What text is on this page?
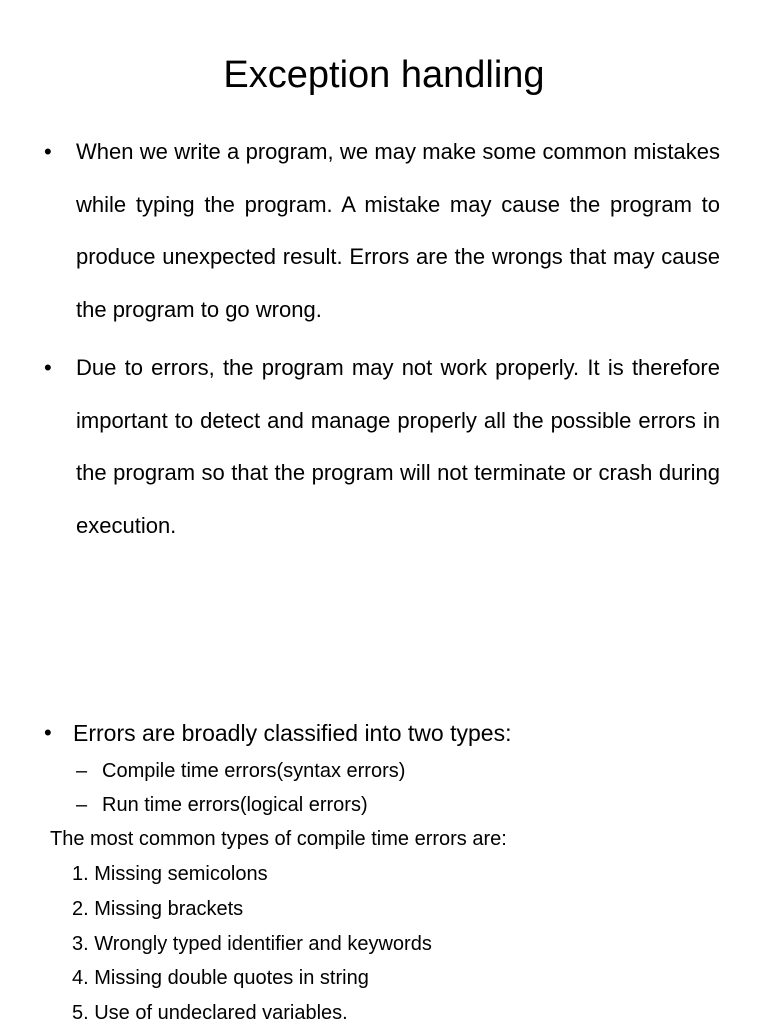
Exception handling
• When we write a program, we may make some common mistakes while typing the program. A mistake may cause the program to produce unexpected result. Errors are the wrongs that may cause the program to go wrong.

• Due to errors, the program may not work properly. It is therefore important to detect and manage properly all the possible errors in the program so that the program will not terminate or crash during execution.

• Errors are broadly classified into two types:

– Compile time errors(syntax errors)
– Run time errors(logical errors)

The most common types of compile time errors are:

1. Missing semicolons
2. Missing brackets
3. Wrongly typed identifier and keywords
4. Missing double quotes in string
5. Use of undeclared variables.
